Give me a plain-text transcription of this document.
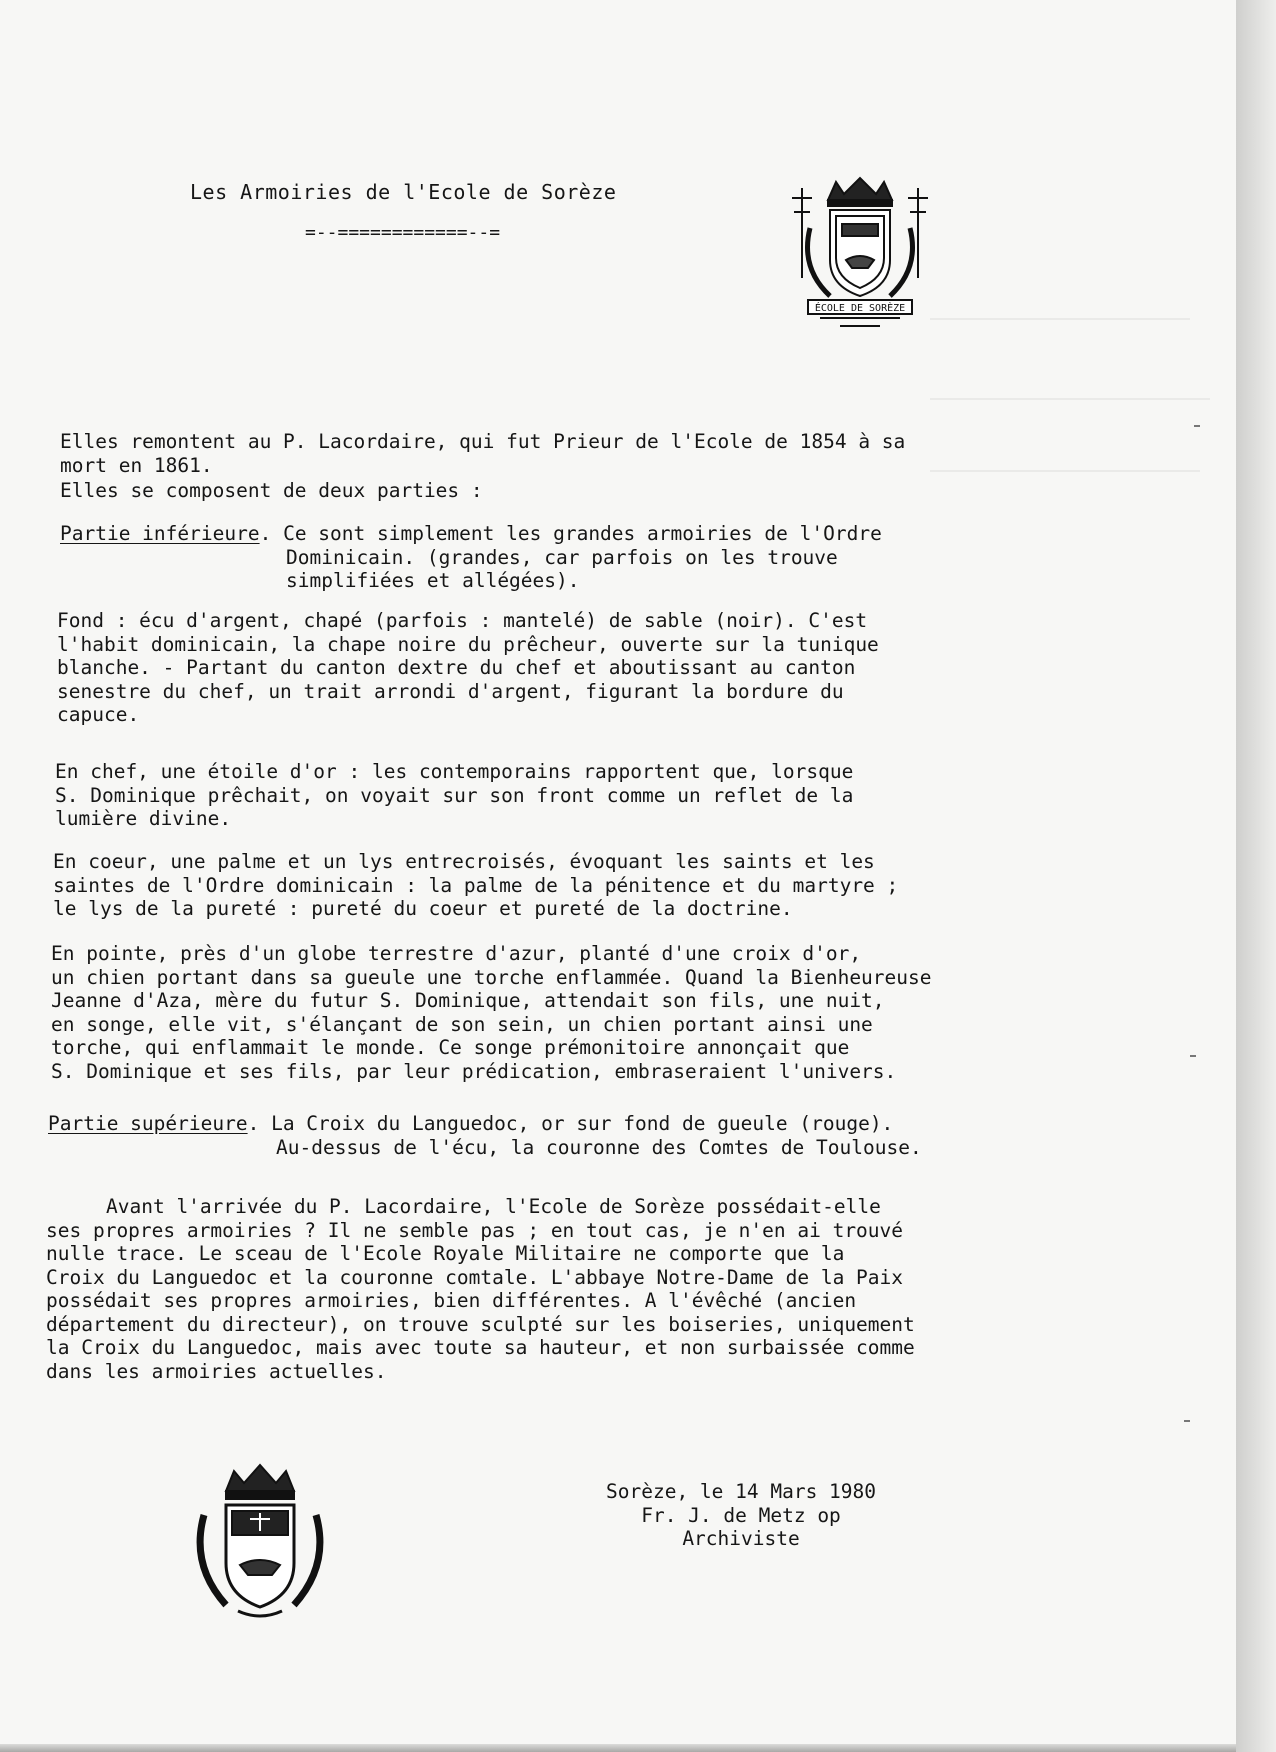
Les Armoiries de l'Ecole de Sorèze
=--============--=
ÉCOLE DE SORÈZE
Elles remontent au P. Lacordaire, qui fut Prieur de l'Ecole de 1854 à sa
mort en 1861.
Elles se composent de deux parties :
Partie inférieure. Ce sont simplement les grandes armoiries de l'Ordre
Dominicain. (grandes, car parfois on les trouve
simplifiées et allégées).
Fond : écu d'argent, chapé (parfois : mantelé) de sable (noir). C'est
l'habit dominicain, la chape noire du prêcheur, ouverte sur la tunique
blanche. - Partant du canton dextre du chef et aboutissant au canton
senestre du chef, un trait arrondi d'argent, figurant la bordure du
capuce.
En chef, une étoile d'or : les contemporains rapportent que, lorsque
S. Dominique prêchait, on voyait sur son front comme un reflet de la
lumière divine.
En coeur, une palme et un lys entrecroisés, évoquant les saints et les
saintes de l'Ordre dominicain : la palme de la pénitence et du martyre ;
le lys de la pureté : pureté du coeur et pureté de la doctrine.
En pointe, près d'un globe terrestre d'azur, planté d'une croix d'or,
un chien portant dans sa gueule une torche enflammée. Quand la Bienheureuse
Jeanne d'Aza, mère du futur S. Dominique, attendait son fils, une nuit,
en songe, elle vit, s'élançant de son sein, un chien portant ainsi une
torche, qui enflammait le monde. Ce songe prémonitoire annonçait que
S. Dominique et ses fils, par leur prédication, embraseraient l'univers.
Partie supérieure. La Croix du Languedoc, or sur fond de gueule (rouge).
Au-dessus de l'écu, la couronne des Comtes de Toulouse.
Avant l'arrivée du P. Lacordaire, l'Ecole de Sorèze possédait-elle
ses propres armoiries ? Il ne semble pas ; en tout cas, je n'en ai trouvé
nulle trace. Le sceau de l'Ecole Royale Militaire ne comporte que la
Croix du Languedoc et la couronne comtale. L'abbaye Notre-Dame de la Paix
possédait ses propres armoiries, bien différentes. A l'évêché (ancien
département du directeur), on trouve sculpté sur les boiseries, uniquement
la Croix du Languedoc, mais avec toute sa hauteur, et non surbaissée comme
dans les armoiries actuelles.
Sorèze, le 14 Mars 1980
Fr. J. de Metz op
Archiviste
